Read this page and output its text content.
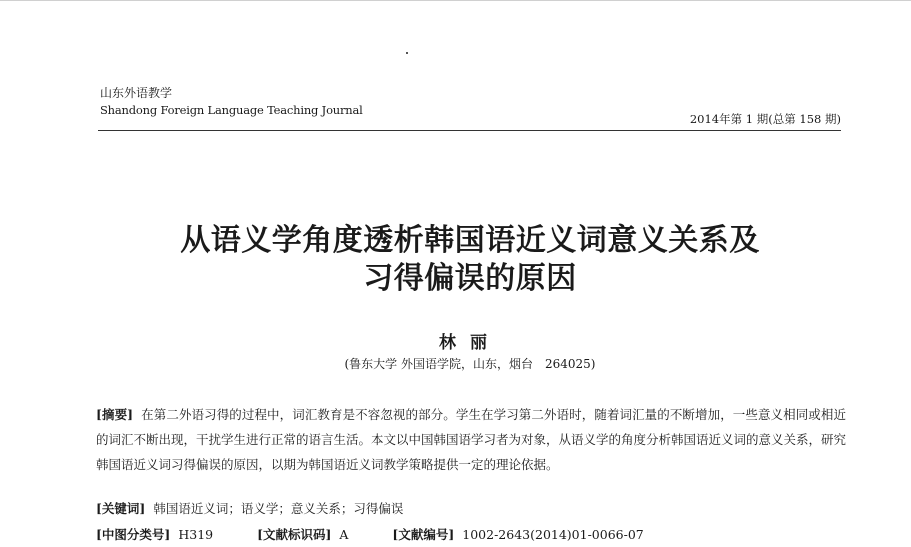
山东外语教学
Shandong Foreign Language Teaching Journal
2014年第 1 期(总第 158 期)
从语义学角度透析韩国语近义词意义关系及
习得偏误的原因
林丽
(鲁东大学 外国语学院，山东，烟台　264025)
[摘要] 在第二外语习得的过程中，词汇教育是不容忽视的部分。学生在学习第二外语时，随着词汇量的不断增加，一些意义相同或相近的词汇不断出现，干扰学生进行正常的语言生活。本文以中国韩国语学习者为对象，从语义学的角度分析韩国语近义词的意义关系，研究韩国语近义词习得偏误的原因，以期为韩国语近义词教学策略提供一定的理论依据。
[关键词] 韩国语近义词；语义学；意义关系；习得偏误
[中图分类号] H319	[文献标识码] A	[文献编号] 1002-2643(2014)01-0066-07
